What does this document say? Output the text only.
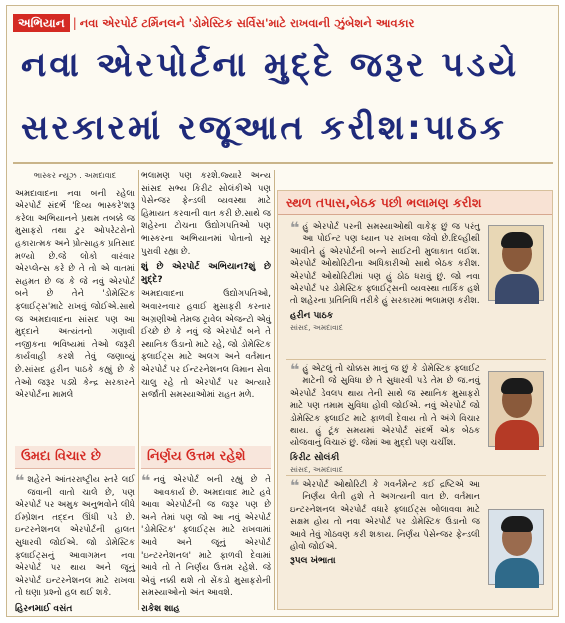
અભિયાન | નવા એરપોર્ટ ટર્મિનલને 'ડોમેસ્ટિક સર્વિસ'માટે રાખવાની ઝુંબેશને આવકાર
નવા એરપોર્ટના મુદ્દે જરૂર પડયે
સરકારમાં રજૂઆત કરીશ:પાઠક
ભાસ્કર ન્યૂઝ . અમદાવાદ

અમદાવાદના નવા બની રહેલા એરપોર્ટ સંદર્ભે 'દિવ્ય ભાસ્કરે'શરૂ કરેલા અભિયાનને પ્રથમ તબક્કે જ મુસાફરો તથા ટુર ઓપરેટરોનો હકારાત્મક અને પ્રોત્સાહક પ્રતિસાદ મળ્યો છે.જે લોકો વારંવાર એરપ્લેન્સ કરે છે તે તો એ વાતમાં સહમત છે જ કે જે નવું એરપોર્ટ બને છે તેને 'ડોમેસ્ટિક ફ્લાઈટ્સ'માટે રાખવું જોઈએ.સાથે જ અમદાવાદના સાંસદ પણ આ મુદ્દાને અત્યંતનો ગણાવી નજીકના ભવિષ્યમાં તેઓ જરૂરી કાર્યવાહી કરશે તેવું જણાવ્યું છે.સાંસદ હરીન પાઠકે કહ્યું છે કે તેઓ જરૂર પડ્યે કેન્દ્ર સરકારને એરપોર્ટના મામલે

ભલામણ પણ કરશે.જ્યારે અન્ય સાંસદ સભ્ય કિરીટ સોલંકીએ પણ પેસેન્જર ફેન્ડલી વ્યવસ્થા માટે હિમાયત કરવાની વાત કરી છે.સાથે જ શહેરના ટોચના ઉદ્યોગપતિઓ પણ ભાસ્કરના અભિયાનમાં પોતાનો સૂર પુરાવી રહ્યા છે.

શું છે એરપોર્ટ અભિયાન?શું છે મુદ્દે?

અમદાવાદના ઉદ્યોગપતિઓ, અવારનવાર હવાઈ મુસાફરી કરનાર અગ્રણીઓ તેમજ ટ્રાવેલ એજન્ટો એવું ઈચ્છે છે કે નવું જે એરપોર્ટ બને તે સ્થાનિક ઉડાનો માટે રહે, જો ડોમેસ્ટિક ફ્લાઈટ્સ માટે અલગ અને વર્તમાન એરપોર્ટ પર ઈન્ટરનેશનલ વિમાન સેવા ચાલુ રહે તો એરપોર્ટ પર અત્યારે સર્જાતી સમસ્યાઓમાં રાહત મળે.

ઉમદા વિચાર છે
❝ શહેરને આંતરરાષ્ટ્રીય સ્તરે લઈ જવાની વાતો ચાલે છે, પણ એરપોર્ટ પર અમુક અનુભવોને લીધે ઈમ્પ્રેશન તદ્દન ઊંધી પડે છે. ઇન્ટરનેશનલ એરપોર્ટની હાલત સુધારવી જોઈએ. જો ડોમેસ્ટિક ફ્લાઈટ્સનું આવાગમન નવા એરપોર્ટ પર થાય અને જૂનું એરપોર્ટ ઇન્ટરનેશનલ માટે રાખવા તો ઘણા પ્રશ્નો હલ થઈ શકે.
હિરનમાઈ વસંત
નિર્ણય ઉત્તમ રહેશે
❝ નવું એરપોર્ટ બની રહ્યું છે તે આવકાર્ય છે. અમદાવાદ માટે હવે આવા એરપોર્ટની જ જરૂર પણ છે અને તેમાં પણ જો આ નવું એરપોર્ટ 'ડોમેસ્ટિક' ફ્લાઈટ્સ માટે રાખવામાં આવે અને જૂનું એરપોર્ટ 'ઇન્ટરનેશનલ' માટે ફાળવી દેવામાં આવે તો તે નિર્ણય ઉત્તમ રહેશે. જે એવું નક્કી થશે તો સેંકડો મુસાફરોની સમસ્યાઓનો અંત આવશે.
રાકેશ શાહ
સ્થળ તપાસ,બેઠક પછી ભલામણ કરીશ
❝ હું એરપોર્ટ પરની સમસ્યાઓથી વાકેફ છું જ પરંતુ આ પોઈન્ટ પણ ધ્યાન પર રાખવા જેવો છે.દિલ્હીથી આવીને હું એરપોર્ટની બન્ને સાઈટની મુલાકાત લઈશ. એરપોર્ટ ઓથોરિટીના અધિકારીઓ સાથે બેઠક કરીશ. એરપોર્ટ ઓથોરિટીમાં પણ હું ઠોઠ ધરાવું છું. જો નવા એરપોર્ટ પર ડોમેસ્ટિક ફ્લાઈટ્સની વ્યવસ્થા તાર્કિક હશે તો શહેરના પ્રતિનિધિ તરીકે હું સરકારમાં ભલામણ કરીશ.
હરીન પાઠક
સાંસદ, અમદાવાદ
❝ હું એટલું તો ચોક્કસ માનું જ છું કે ડોમેસ્ટિક ફ્લાઈટ માટેની જે સુવિધા છે તે સુધારવી પડે તેમ છે જ.નવું એરપોર્ટ ડેવલપ થાય તેની સાથે જ સ્થાનિક મુસાફરો માટે પણ તમામ સુવિધા હોવી જોઈએ. નવું એરપોર્ટ જો ડોમેસ્ટિક ફ્લાઈટ માટે ફાળવી દેવાય તો તે અંગે વિચાર થાય. હું ટૂંક સમયમાં એરપોર્ટ સંદર્ભે એક બેઠક યોજવાનું વિચારું છું. જેમાં આ મુદ્દો પણ ચર્ચીશ.
કિરીટ સોલંકી
સાંસદ, અમદાવાદ
❝ એરપોર્ટ ઓથોરિટી કે ગવર્નમેન્ટ કઈ દ્રષ્ટિએ આ નિર્ણય લેતી હશે તે અગત્યની વાત છે. વર્તમાન ઇન્ટરનેશનલ એરપોર્ટ વધારે ફ્લાઈટ્સ બોલાવવા માટે સક્ષમ હોય તો નવા એરપોર્ટ પર ડોમેસ્ટિક ઉડાનો જ આવે તેવું ગોઠવણ કરી શકાય. નિર્ણય પેસેન્જર ફેન્ડલી હોવો જોઈએ.
રૂપલ ખંભાતા
